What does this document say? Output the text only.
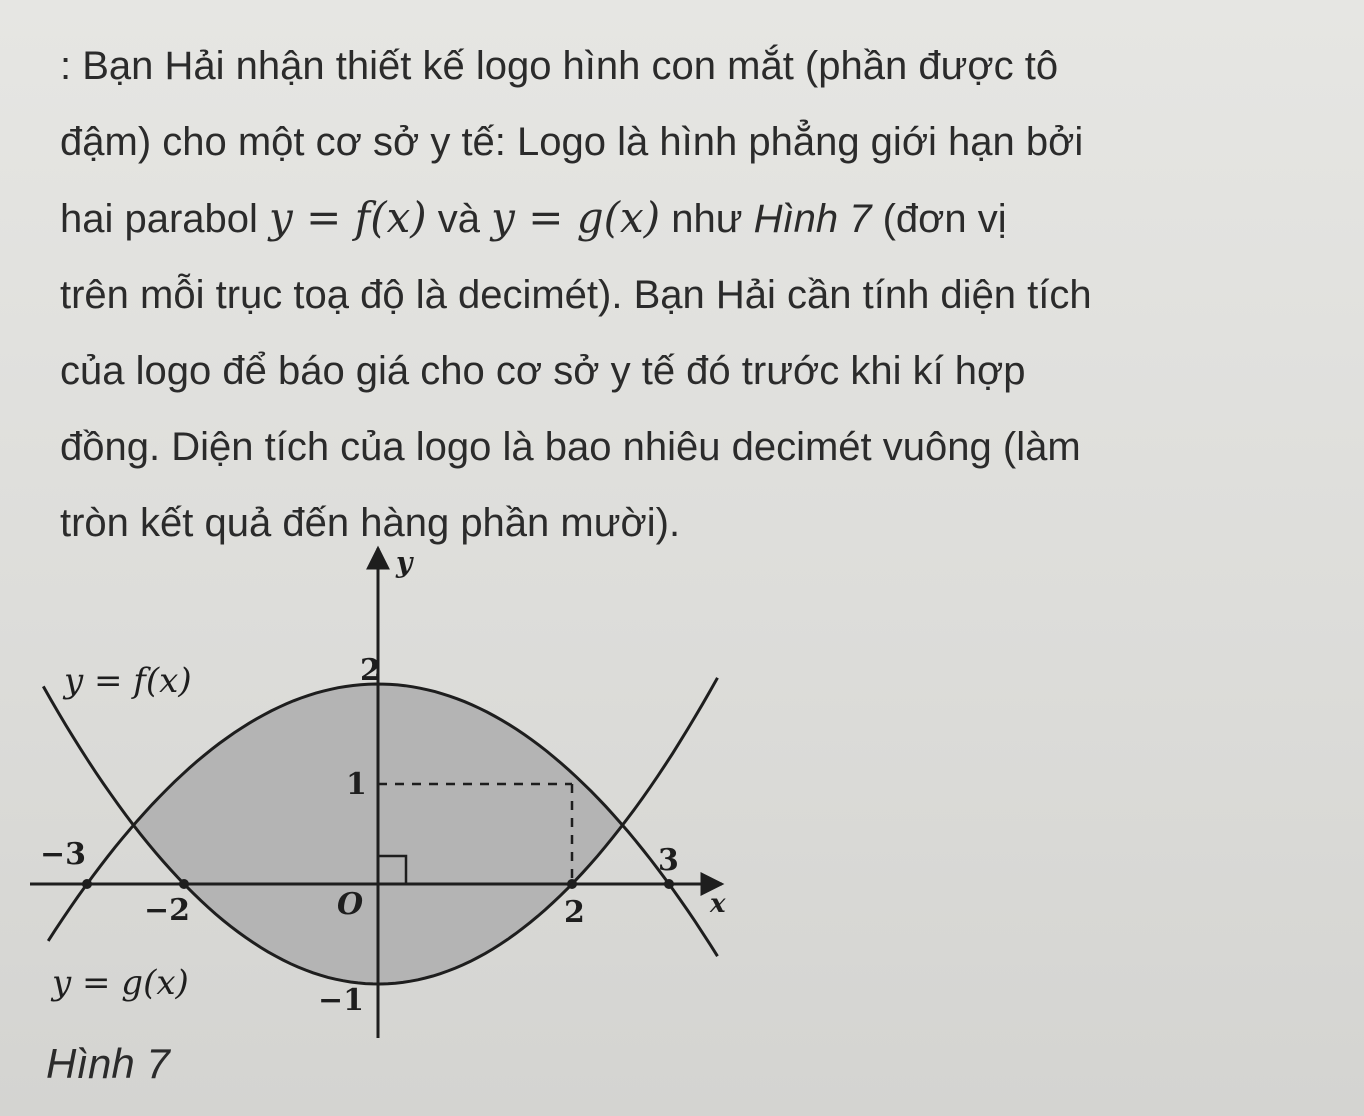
: Bạn Hải nhận thiết kế logo hình con mắt (phần được tô
đậm) cho một cơ sở y tế: Logo là hình phẳng giới hạn bởi
hai parabol y = f(x) và y = g(x) như Hình 7 (đơn vị
trên mỗi trục toạ độ là decimét). Bạn Hải cần tính diện tích
của logo để báo giá cho cơ sở y tế đó trước khi kí hợp
đồng. Diện tích của logo là bao nhiêu decimét vuông (làm
tròn kết quả đến hàng phần mười).
y = f(x)
y = g(x)
y
x
O
2
1
−1
−3
−2	2
3
Hình 7
